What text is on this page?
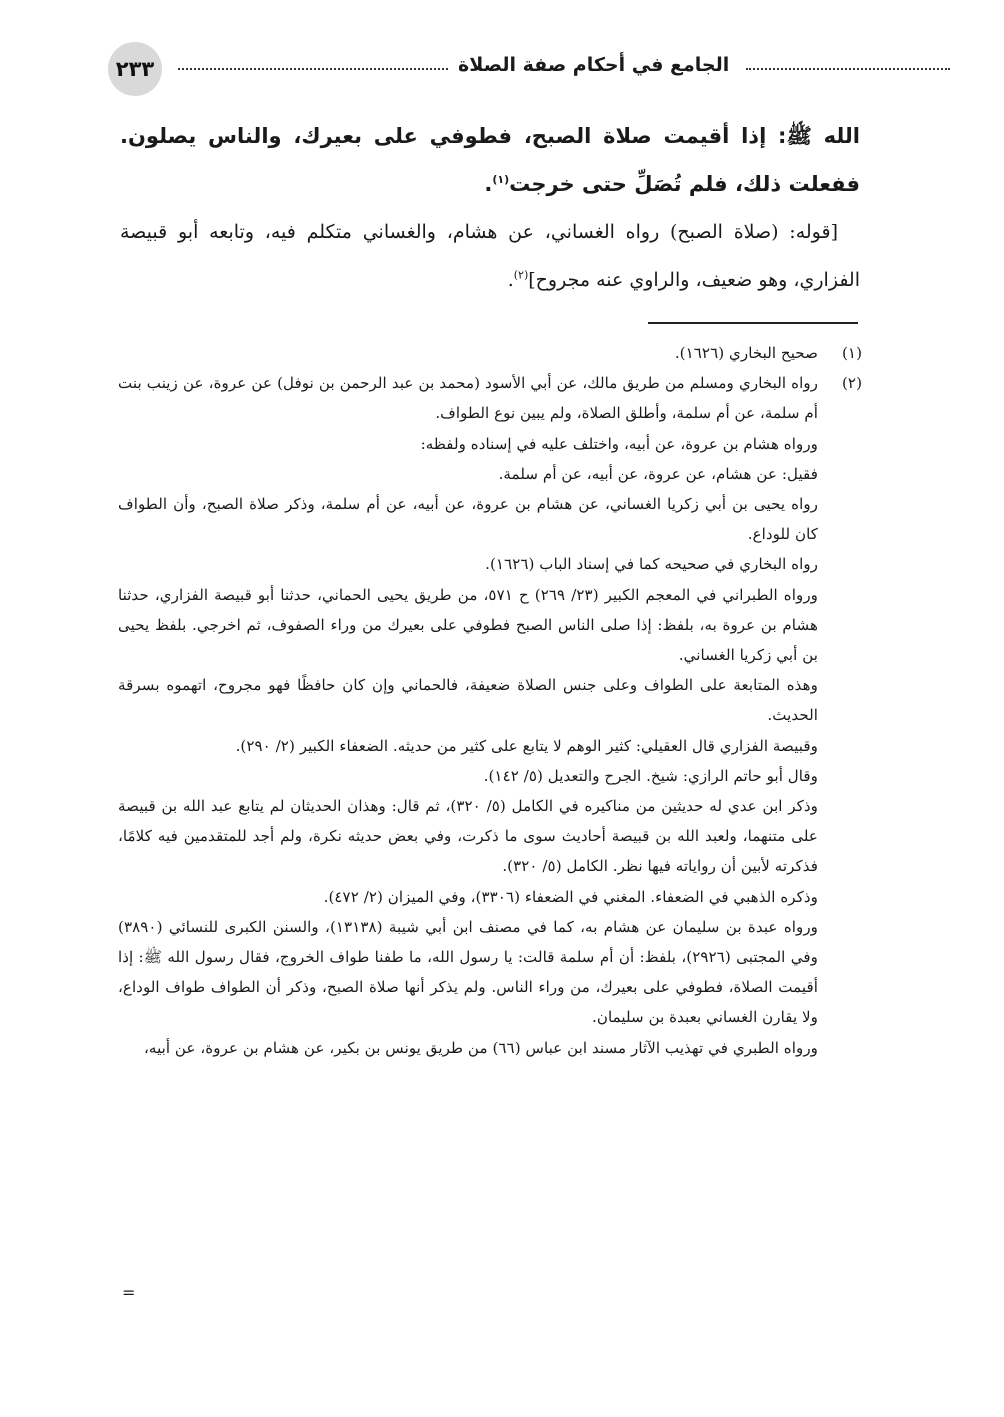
٢٣٣	الجامع في أحكام صفة الصلاة

الله ﷺ: إذا أقيمت صلاة الصبح، فطوفي على بعيرك، والناس يصلون. ففعلت ذلك، فلم تُصَلِّ حتى خرجت$^{(١)}$.

[قوله: (صلاة الصبح) رواه الغساني، عن هشام، والغساني متكلم فيه، وتابعه أبو قبيصة الفزاري، وهو ضعيف، والراوي عنه مجروح]$^{(٢)}$.

(١)

صحيح البخاري (١٦٢٦).

(٢)

رواه البخاري ومسلم من طريق مالك، عن أبي الأسود (محمد بن عبد الرحمن بن نوفل) عن عروة، عن زينب بنت أم سلمة، عن أم سلمة، وأطلق الصلاة، ولم يبين نوع الطواف.

ورواه هشام بن عروة، عن أبيه، واختلف عليه في إسناده ولفظه:

فقيل: عن هشام، عن عروة، عن أبيه، عن أم سلمة.

رواه يحيى بن أبي زكريا الغساني، عن هشام بن عروة، عن أبيه، عن أم سلمة، وذكر صلاة الصبح، وأن الطواف كان للوداع.

رواه البخاري في صحيحه كما في إسناد الباب (١٦٢٦).

ورواه الطبراني في المعجم الكبير (٢٣/ ٢٦٩) ح ٥٧١، من طريق يحيى الحماني، حدثنا أبو قبيصة الفزاري، حدثنا هشام بن عروة به، بلفظ: إذا صلى الناس الصبح فطوفي على بعيرك من وراء الصفوف، ثم اخرجي. بلفظ يحيى بن أبي زكريا الغساني.

وهذه المتابعة على الطواف وعلى جنس الصلاة ضعيفة، فالحماني وإن كان حافظًا فهو مجروح، اتهموه بسرقة الحديث.

وقبيصة الفزاري قال العقيلي: كثير الوهم لا يتابع على كثير من حديثه. الضعفاء الكبير (٢/ ٢٩٠).

وقال أبو حاتم الرازي: شيخ. الجرح والتعديل (٥/ ١٤٢).

وذكر ابن عدي له حديثين من مناكيره في الكامل (٥/ ٣٢٠)، ثم قال: وهذان الحديثان لم يتابع عبد الله بن قبيصة على متنهما، ولعبد الله بن قبيصة أحاديث سوى ما ذكرت، وفي بعض حديثه نكرة، ولم أجد للمتقدمين فيه كلامًا، فذكرته لأبين أن رواياته فيها نظر. الكامل (٥/ ٣٢٠).

وذكره الذهبي في الضعفاء. المغني في الضعفاء (٣٣٠٦)، وفي الميزان (٢/ ٤٧٢).

ورواه عبدة بن سليمان عن هشام به، كما في مصنف ابن أبي شيبة (١٣١٣٨)، والسنن الكبرى للنسائي (٣٨٩٠) وفي المجتبى (٢٩٢٦)، بلفظ: أن أم سلمة قالت: يا رسول الله، ما طفنا طواف الخروج، فقال رسول الله ﷺ: إذا أقيمت الصلاة، فطوفي على بعيرك، من وراء الناس. ولم يذكر أنها صلاة الصبح، وذكر أن الطواف طواف الوداع، ولا يقارن الغساني بعبدة بن سليمان.

ورواه الطبري في تهذيب الآثار مسند ابن عباس (٦٦) من طريق يونس بن بكير، عن هشام بن عروة، عن أبيه،

=
